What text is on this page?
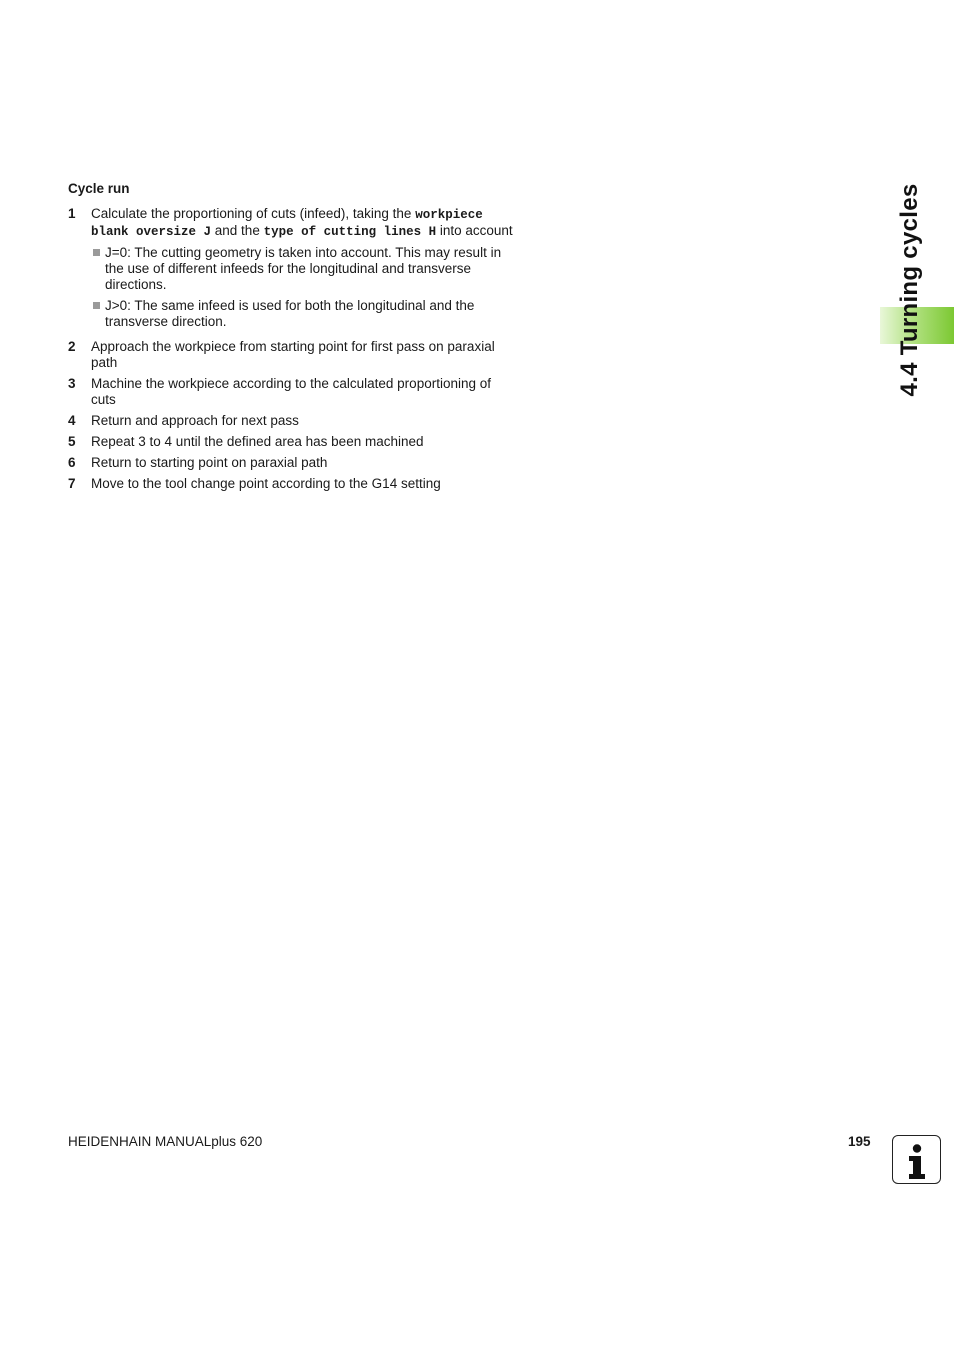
Cycle run
1 Calculate the proportioning of cuts (infeed), taking the workpiece blank oversize J and the type of cutting lines H into account
J=0: The cutting geometry is taken into account. This may result in the use of different infeeds for the longitudinal and transverse directions.
J>0: The same infeed is used for both the longitudinal and the transverse direction.
2 Approach the workpiece from starting point for first pass on paraxial path
3 Machine the workpiece according to the calculated proportioning of cuts
4 Return and approach for next pass
5 Repeat 3 to 4 until the defined area has been machined
6 Return to starting point on paraxial path
7 Move to the tool change point according to the G14 setting
4.4 Turning cycles
HEIDENHAIN MANUALplus 620	195
